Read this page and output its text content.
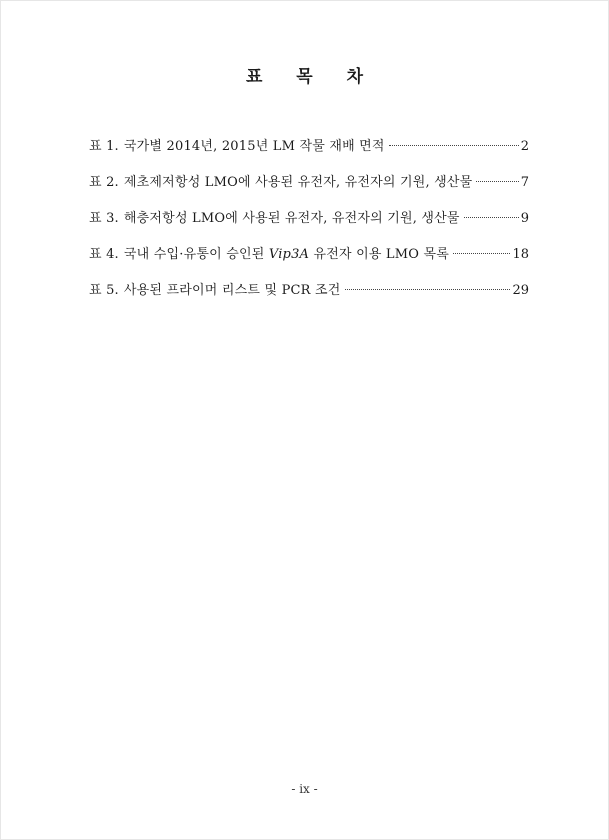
표 목 차
표 1. 국가별 2014년, 2015년 LM 작물 재배 면적	2
표 2. 제초제저항성 LMO에 사용된 유전자, 유전자의 기원, 생산물	7
표 3. 해충저항성 LMO에 사용된 유전자, 유전자의 기원, 생산물	9
표 4. 국내 수입·유통이 승인된 Vip3A 유전자 이용 LMO 목록	18
표 5. 사용된 프라이머 리스트 및 PCR 조건	29
- ix -
